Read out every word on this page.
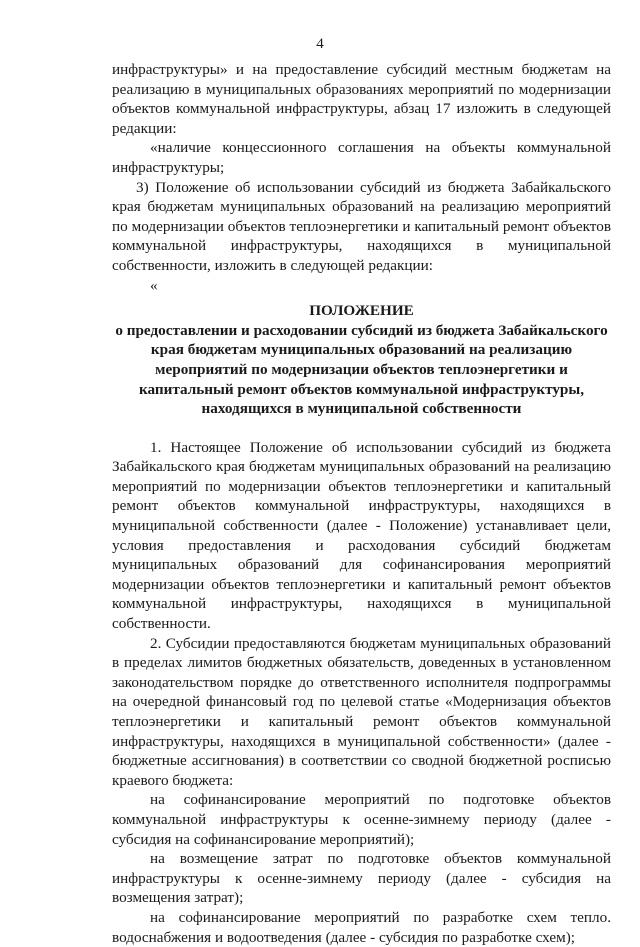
4

инфраструктуры» и на предоставление субсидий местным бюджетам на реализацию в муниципальных образованиях мероприятий по модернизации объектов коммунальной инфраструктуры, абзац 17 изложить в следующей редакции:

«наличие концессионного соглашения на объекты коммунальной инфраструктуры;

3) Положение об использовании субсидий из бюджета Забайкальского края бюджетам муниципальных образований на реализацию мероприятий по модернизации объектов теплоэнергетики и капитальный ремонт объектов коммунальной инфраструктуры, находящихся в муниципальной собственности, изложить в следующей редакции:

«

ПОЛОЖЕНИЕ

о предоставлении и расходовании субсидий из бюджета Забайкальского края бюджетам муниципальных образований на реализацию мероприятий по модернизации объектов теплоэнергетики и капитальный ремонт объектов коммунальной инфраструктуры, находящихся в муниципальной собственности

1. Настоящее Положение об использовании субсидий из бюджета Забайкальского края бюджетам муниципальных образований на реализацию мероприятий по модернизации объектов теплоэнергетики и капитальный ремонт объектов коммунальной инфраструктуры, находящихся в муниципальной собственности (далее - Положение) устанавливает цели, условия предоставления и расходования субсидий бюджетам муниципальных образований для софинансирования мероприятий модернизации объектов теплоэнергетики и капитальный ремонт объектов коммунальной инфраструктуры, находящихся в муниципальной собственности.

2. Субсидии предоставляются бюджетам муниципальных образований в пределах лимитов бюджетных обязательств, доведенных в установленном законодательством порядке до ответственного исполнителя подпрограммы на очередной финансовый год по целевой статье «Модернизация объектов теплоэнергетики и капитальный ремонт объектов коммунальной инфраструктуры, находящихся в муниципальной собственности» (далее - бюджетные ассигнования) в соответствии со сводной бюджетной росписью краевого бюджета:

на софинансирование мероприятий по подготовке объектов коммунальной инфраструктуры к осенне-зимнему периоду (далее - субсидия на софинансирование мероприятий);

на возмещение затрат по подготовке объектов коммунальной инфраструктуры к осенне-зимнему периоду (далее - субсидия на возмещения затрат);

на софинансирование мероприятий по разработке схем тепло. водоснабжения и водоотведения (далее - субсидия по разработке схем);
